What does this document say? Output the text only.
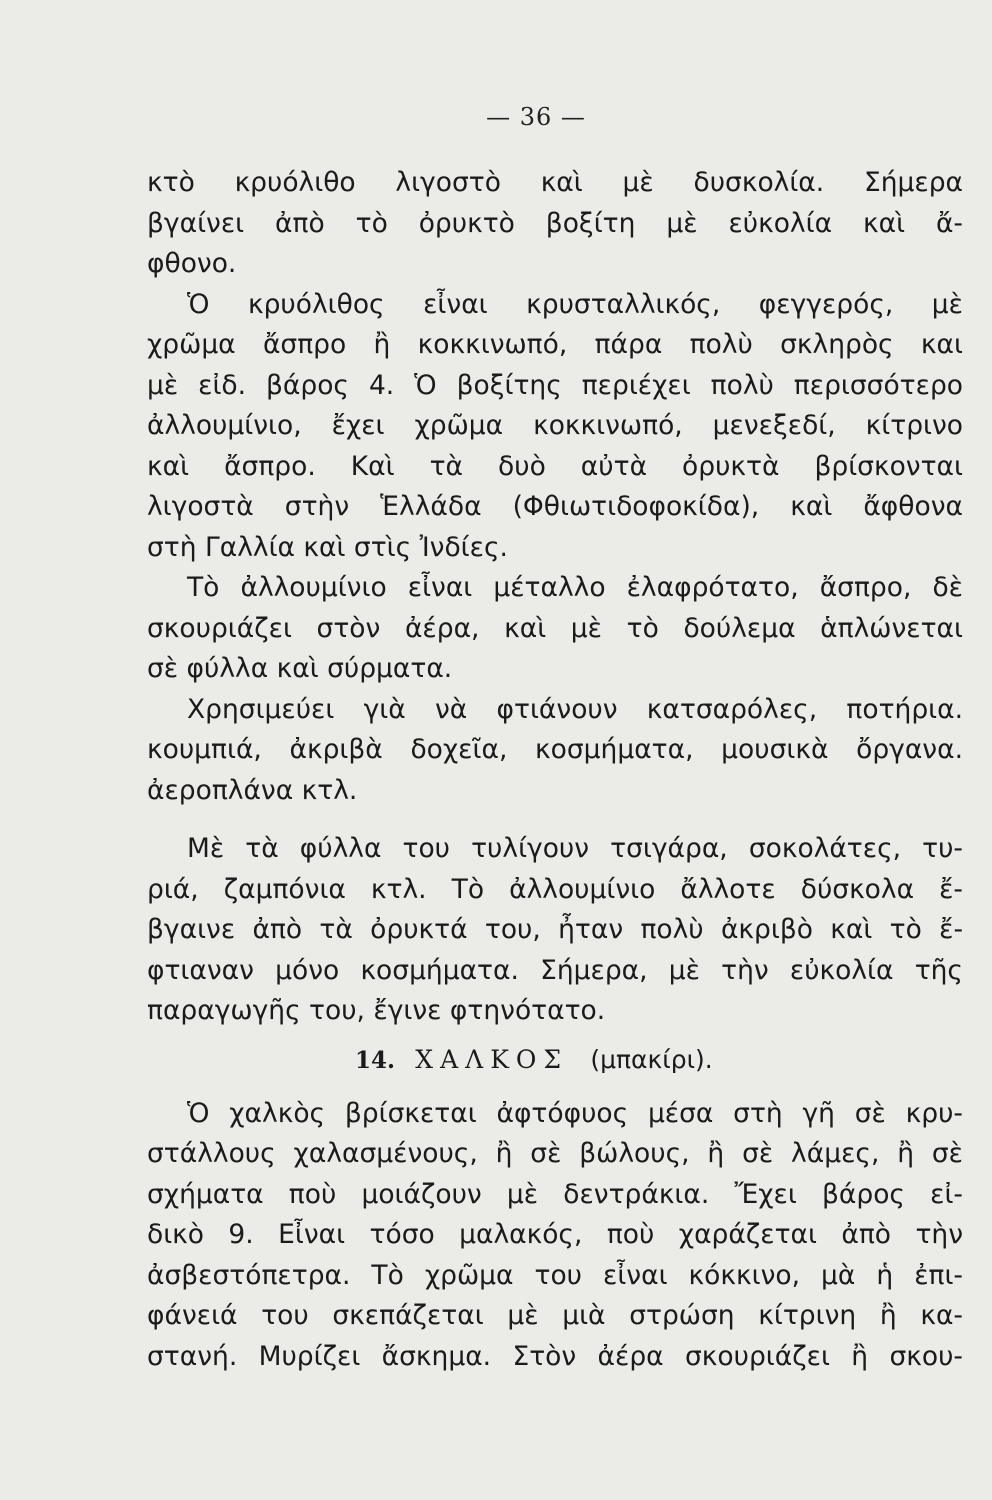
— 36 —
κτὸ κρυόλιθο λιγοστὸ καὶ μὲ δυσκολία. Σήμερα
βγαίνει ἀπὸ τὸ ὀρυκτὸ βοξίτη μὲ εὐκολία καὶ ἄ-
φθονο.
Ὁ κρυόλιθος εἶναι κρυσταλλικός, φεγγερός, μὲ
χρῶμα ἄσπρο ἢ κοκκινωπό, πάρα πολὺ σκληρὸς και
μὲ εἰδ. βάρος 4. Ὁ βοξίτης περιέχει πολὺ περισσότερο
ἀλλουμίνιο, ἔχει χρῶμα κοκκινωπό, μενεξεδί, κίτρινο
καὶ ἄσπρο. Καὶ τὰ δυὸ αὐτὰ ὀρυκτὰ βρίσκονται
λιγοστὰ στὴν Ἑλλάδα (Φθιωτιδοφοκίδα), καὶ ἄφθονα
στὴ Γαλλία καὶ στὶς Ἰνδίες.
Τὸ ἀλλουμίνιο εἶναι μέταλλο ἐλαφρότατο, ἄσπρο, δὲ
σκουριάζει στὸν ἀέρα, καὶ μὲ τὸ δούλεμα ἁπλώνεται
σὲ φύλλα καὶ σύρματα.
Χρησιμεύει γιὰ νὰ φτιάνουν κατσαρόλες, ποτήρια.
κουμπιά, ἀκριβὰ δοχεῖα, κοσμήματα, μουσικὰ ὄργανα.
ἀεροπλάνα κτλ.
Μὲ τὰ φύλλα του τυλίγουν τσιγάρα, σοκολάτες, τυ-
ριά, ζαμπόνια κτλ. Τὸ ἀλλουμίνιο ἄλλοτε δύσκολα ἔ-
βγαινε ἀπὸ τὰ ὀρυκτά του, ἦταν πολὺ ἀκριβὸ καὶ τὸ ἔ-
φτιαναν μόνο κοσμήματα. Σήμερα, μὲ τὴν εὐκολία τῆς
παραγωγῆς του, ἔγινε φτηνότατο.
14. ΧΑΛΚΟΣ (μπακίρι).
Ὁ χαλκὸς βρίσκεται ἀφτόφυος μέσα στὴ γῆ σὲ κρυ-
στάλλους χαλασμένους, ἢ σὲ βώλους, ἢ σὲ λάμες, ἢ σὲ
σχήματα ποὺ μοιάζουν μὲ δεντράκια. Ἔχει βάρος εἰ-
δικὸ 9. Εἶναι τόσο μαλακός, ποὺ χαράζεται ἀπὸ τὴν
ἀσβεστόπετρα. Τὸ χρῶμα του εἶναι κόκκινο, μὰ ἡ ἐπι-
φάνειά του σκεπάζεται μὲ μιὰ στρώση κίτρινη ἢ κα-
στανή. Μυρίζει ἄσκημα. Στὸν ἀέρα σκουριάζει ἢ σκου-
